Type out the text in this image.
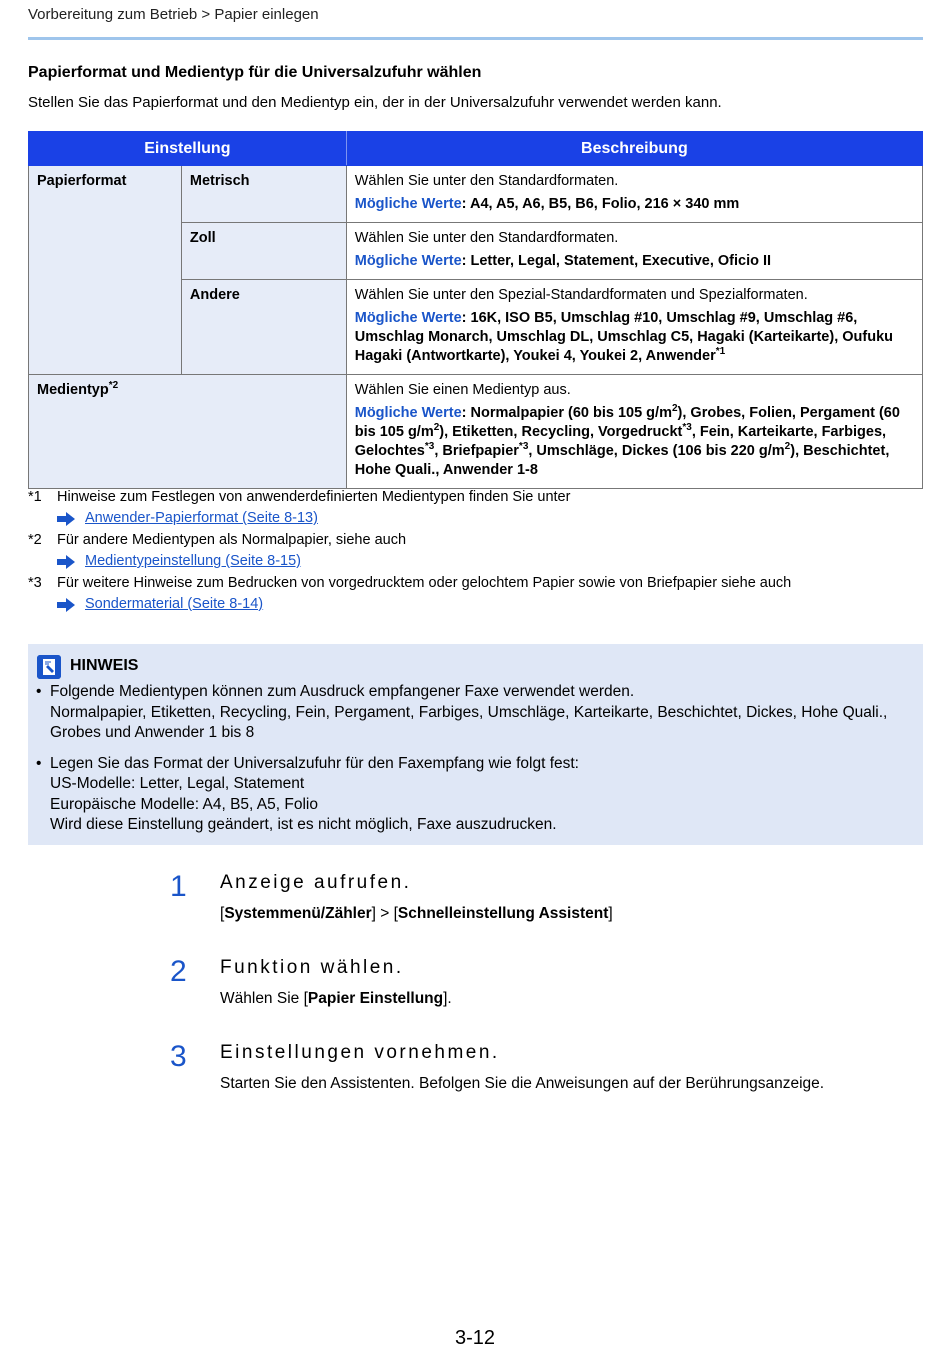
Vorbereitung zum Betrieb > Papier einlegen
Papierformat und Medientyp für die Universalzufuhr wählen
Stellen Sie das Papierformat und den Medientyp ein, der in der Universalzufuhr verwendet werden kann.
Einstellung		Beschreibung
Papierformat	Metrisch	Wählen Sie unter den Standardformaten.
Mögliche Werte: A4, A5, A6, B5, B6, Folio, 216 × 340 mm

	Zoll	Wählen Sie unter den Standardformaten.
Mögliche Werte: Letter, Legal, Statement, Executive, Oficio II

	Andere	Wählen Sie unter den Spezial-Standardformaten und Spezialformaten.
Mögliche Werte: 16K, ISO B5, Umschlag #10, Umschlag #9, Umschlag #6, Umschlag Monarch, Umschlag DL, Umschlag C5, Hagaki (Karteikarte), Oufuku Hagaki (Antwortkarte), Youkei 4, Youkei 2, Anwender$^{*1}$

Medientyp$^{*2}$		Wählen Sie einen Medientyp aus.
Mögliche Werte: Normalpapier (60 bis 105 $g/m^2$), Grobes, Folien, Pergament (60 bis 105 $g/m^2$), Etiketten, Recycling, Vorgedruckt$^{*3}$, Fein, Karteikarte, Farbiges, Gelochtes$^{*3}$, Briefpapier$^{*3}$, Umschläge, Dickes (106 bis 220 $g/m^2$), Beschichtet, Hohe Quali., Anwender 1-8
*1 Hinweise zum Festlegen von anwenderdefinierten Medientypen finden Sie unter
Anwender-Papierformat (Seite 8-13)
*2 Für andere Medientypen als Normalpapier, siehe auch
Medientypeinstellung (Seite 8-15)
*3 Für weitere Hinweise zum Bedrucken von vorgedrucktem oder gelochtem Papier sowie von Briefpapier siehe auch
Sondermaterial (Seite 8-14)
HINWEIS
• Folgende Medientypen können zum Ausdruck empfangener Faxe verwendet werden.
Normalpapier, Etiketten, Recycling, Fein, Pergament, Farbiges, Umschläge, Karteikarte, Beschichtet, Dickes, Hohe Quali., Grobes und Anwender 1 bis 8
• Legen Sie das Format der Universalzufuhr für den Faxempfang wie folgt fest:
US-Modelle: Letter, Legal, Statement
Europäische Modelle: A4, B5, A5, Folio
Wird diese Einstellung geändert, ist es nicht möglich, Faxe auszudrucken.
1 Anzeige aufrufen.
[Systemmenü/Zähler] > [Schnelleinstellung Assistent]
2 Funktion wählen.
Wählen Sie [Papier Einstellung].
3 Einstellungen vornehmen.
Starten Sie den Assistenten. Befolgen Sie die Anweisungen auf der Berührungsanzeige.
3-12
